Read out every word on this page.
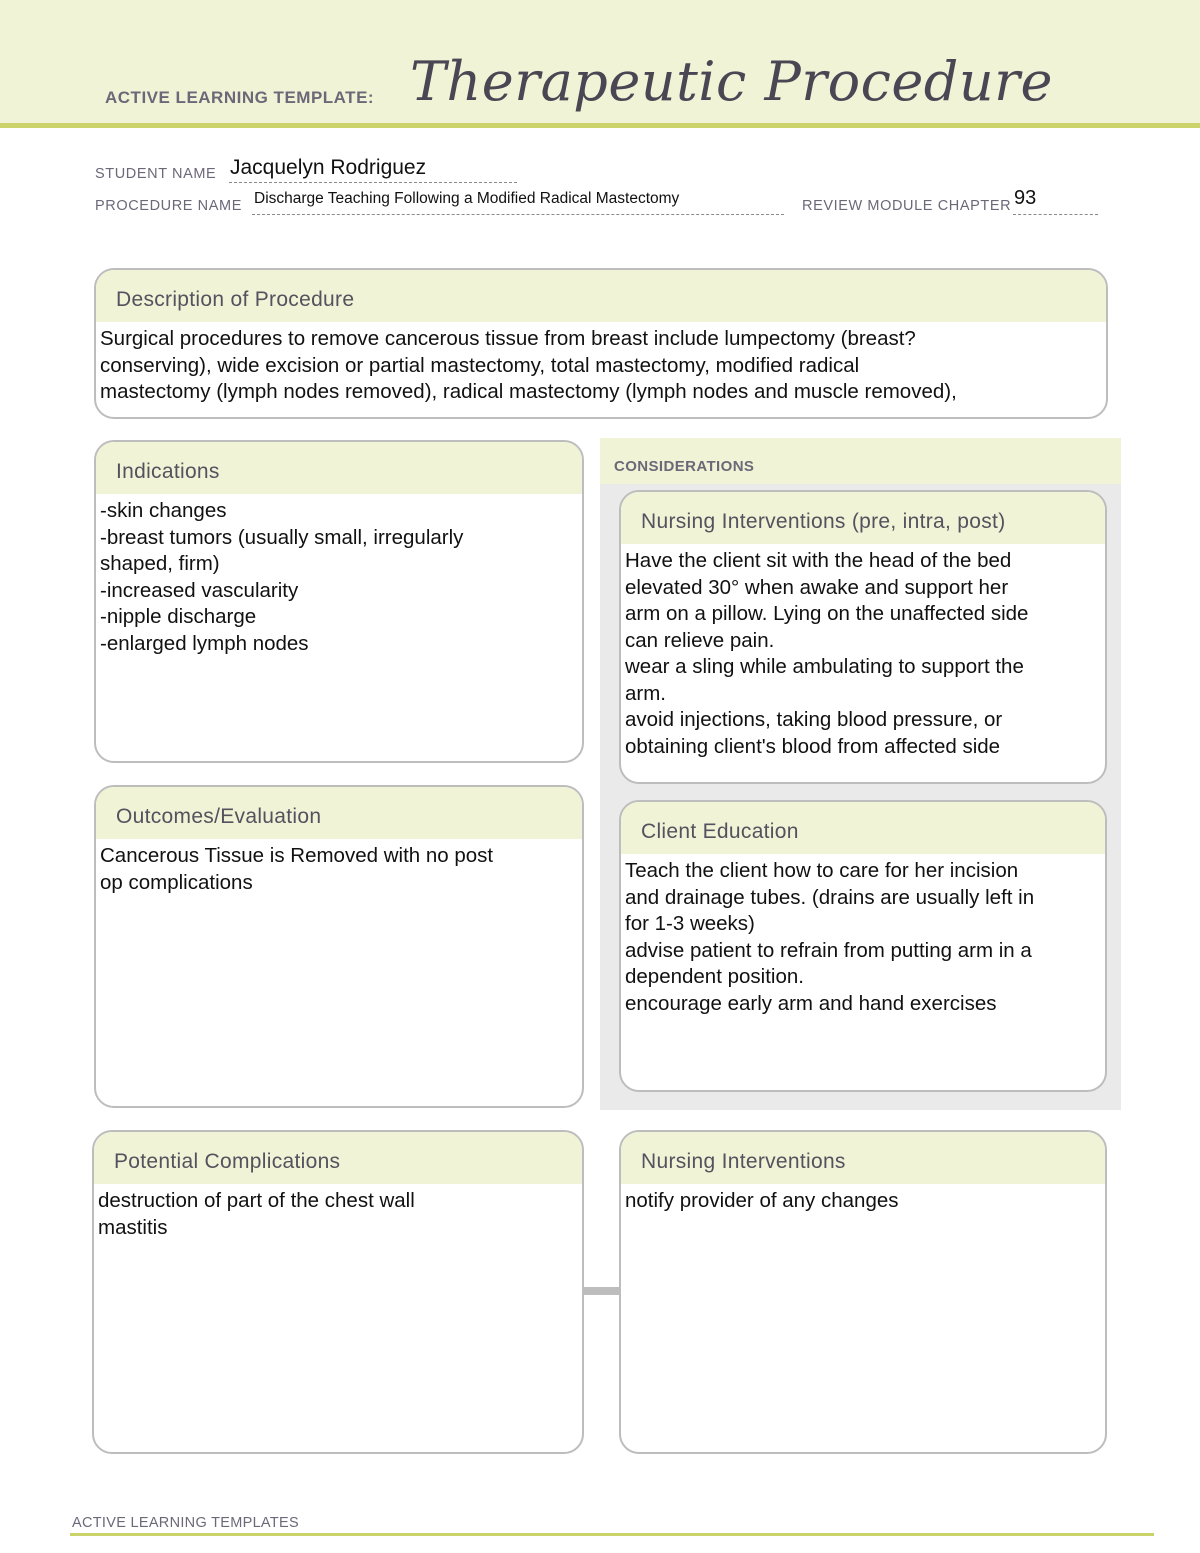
ACTIVE LEARNING TEMPLATE: Therapeutic Procedure
STUDENT NAME Jacquelyn Rodriguez
PROCEDURE NAME Discharge Teaching Following a Modified Radical Mastectomy	REVIEW MODULE CHAPTER 93
Description of Procedure
Surgical procedures to remove cancerous tissue from breast include lumpectomy (breast?
conserving), wide excision or partial mastectomy, total mastectomy, modified radical
mastectomy (lymph nodes removed), radical mastectomy (lymph nodes and muscle removed),
Indications
-skin changes
-breast tumors (usually small, irregularly
shaped, firm)
-increased vascularity
-nipple discharge
-enlarged lymph nodes
CONSIDERATIONS
Nursing Interventions (pre, intra, post)
Have the client sit with the head of the bed
elevated 30° when awake and support her
arm on a pillow. Lying on the unaffected side
can relieve pain.
wear a sling while ambulating to support the
arm.
avoid injections, taking blood pressure, or
obtaining client's blood from affected side
Outcomes/Evaluation
Cancerous Tissue is Removed with no post
op complications
Client Education
Teach the client how to care for her incision
and drainage tubes. (drains are usually left in
for 1-3 weeks)
advise patient to refrain from putting arm in a
dependent position.
encourage early arm and hand exercises
Potential Complications
destruction of part of the chest wall
mastitis
Nursing Interventions
notify provider of any changes
ACTIVE LEARNING TEMPLATES
